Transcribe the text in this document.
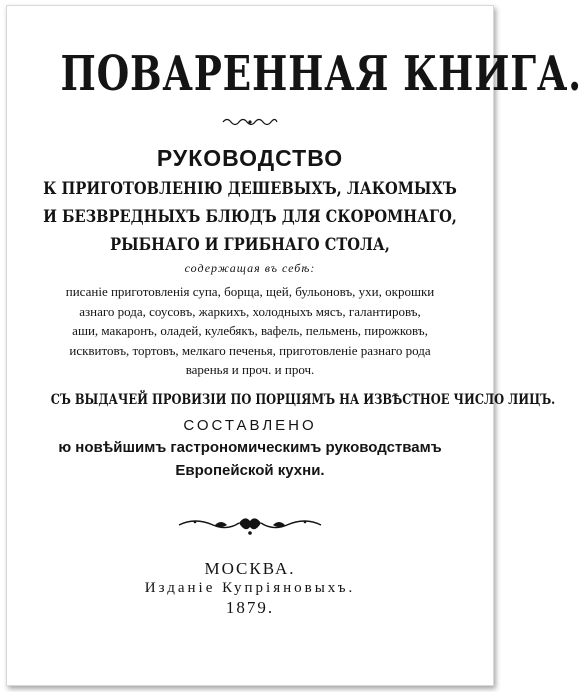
ПОВАРЕННАЯ КНИГА.
РУКОВОДСТВО
К ПРИГОТОВЛЕНІЮ ДЕШЕВЫХЪ, ЛАКОМЫХЪ
И БЕЗВРЕДНЫХЪ БЛЮДЪ ДЛЯ СКОРОМНАГО,
РЫБНАГО И ГРИБНАГО СТОЛА,
содержащая въ себѣ:
писаніе приготовленія супа, борща, щей, бульоновъ, ухи, окрошки
азнаго рода, соусовъ, жаркихъ, холодныхъ мясъ, галантировъ,
аши, макаронъ, оладей, кулебякъ, вафель, пельмень, пирожковъ,
исквитовъ, тортовъ, мелкаго печенья, приготовленіе разнаго рода
варенья и проч. и проч.
СЪ ВЫДАЧЕЙ ПРОВИЗІИ ПО ПОРЦІЯМЪ НА ИЗВѢСТНОЕ ЧИСЛО ЛИЦЪ.
СОСТАВЛЕНО
ю новѣйшимъ гастрономическимъ руководствамъ
Европейской кухни.
МОСКВА.
Изданіе Купріяновыхъ.
1879.
